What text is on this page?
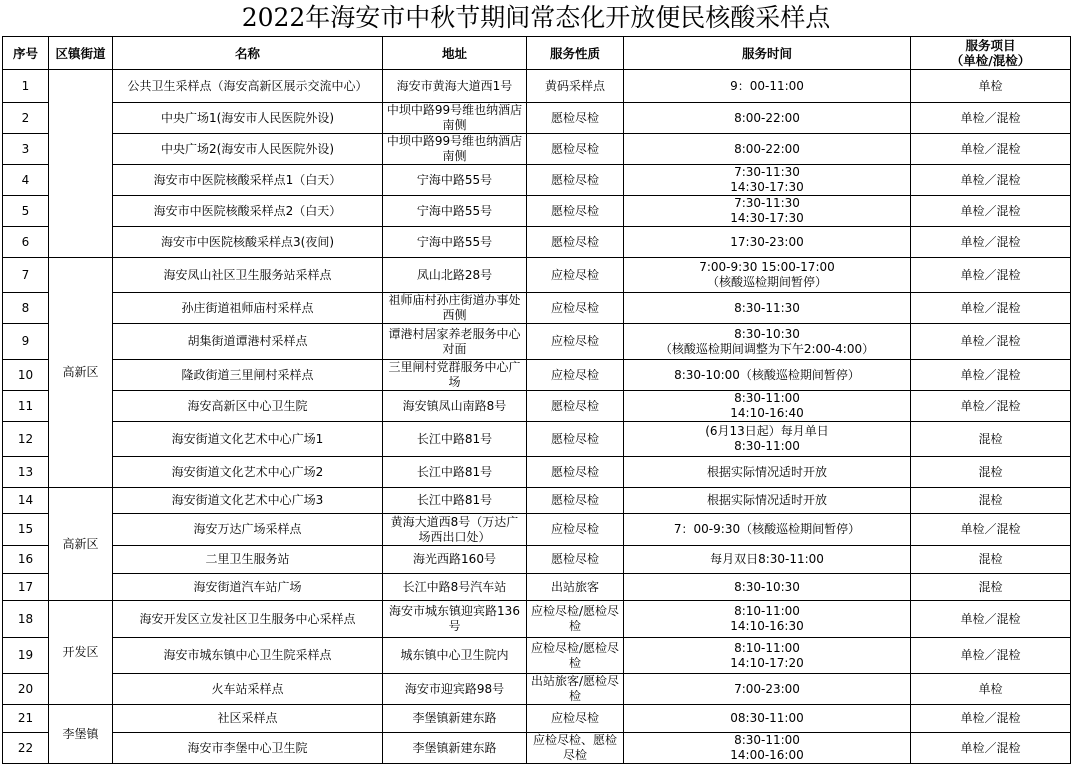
2022年海安市中秋节期间常态化开放便民核酸采样点
序号	区镇街道	名称	地址	服务性质	服务时间	服务项目
（单检/混检）
1		公共卫生采样点（海安高新区展示交流中心）	海安市黄海大道西1号	黄码采样点	9：00-11:00	单检
2		中央广场1(海安市人民医院外设)	中坝中路99号维也纳酒店
南侧	愿检尽检	8:00-22:00	单检／混检
3		中央广场2(海安市人民医院外设)	中坝中路99号维也纳酒店
南侧	愿检尽检	8:00-22:00	单检／混检
4		海安市中医院核酸采样点1（白天）	宁海中路55号	愿检尽检	7:30-11:30
14:30-17:30	单检／混检
5		海安市中医院核酸采样点2（白天）	宁海中路55号	愿检尽检	7:30-11:30
14:30-17:30	单检／混检
6		海安市中医院核酸采样点3(夜间)	宁海中路55号	愿检尽检	17:30-23:00	单检／混检
7	高新区	海安凤山社区卫生服务站采样点	凤山北路28号	应检尽检	7:00-9:30 15:00-17:00
（核酸巡检期间暂停）	单检／混检
8		孙庄街道祖师庙村采样点	祖师庙村孙庄街道办事处
西侧	应检尽检	8:30-11:30	单检／混检
9		胡集街道谭港村采样点	谭港村居家养老服务中心
对面	应检尽检	8:30-10:30
（核酸巡检期间调整为下午2:00-4:00）	单检／混检
10		隆政街道三里闸村采样点	三里闸村党群服务中心广
场	应检尽检	8:30-10:00（核酸巡检期间暂停）	单检／混检
11		海安高新区中心卫生院	海安镇凤山南路8号	愿检尽检	8:30-11:00
14:10-16:40	单检／混检
12		海安街道文化艺术中心广场1	长江中路81号	愿检尽检	(6月13日起）每月单日
8:30-11:00	混检
13		海安街道文化艺术中心广场2	长江中路81号	愿检尽检	根据实际情况适时开放	混检
14	高新区	海安街道文化艺术中心广场3	长江中路81号	愿检尽检	根据实际情况适时开放	混检
15		海安万达广场采样点	黄海大道西8号（万达广
场西出口处）	应检尽检	7：00-9:30（核酸巡检期间暂停）	单检／混检
16		二里卫生服务站	海光西路160号	愿检尽检	每月双日8:30-11:00	混检
17		海安街道汽车站广场	长江中路8号汽车站	出站旅客	8:30-10:30	混检
18	开发区	海安开发区立发社区卫生服务中心采样点	海安市城东镇迎宾路136
号	应检尽检/愿检尽检	8:10-11:00
14:10-16:30	单检／混检
19		海安市城东镇中心卫生院采样点	城东镇中心卫生院内	应检尽检/愿检尽检	8:10-11:00
14:10-17:20	单检／混检
20		火车站采样点	海安市迎宾路98号	出站旅客/愿检尽检	7:00-23:00	单检
21	李堡镇	社区采样点	李堡镇新建东路	应检尽检	08:30-11:00	单检／混检
22		海安市李堡中心卫生院	李堡镇新建东路	应检尽检、愿检尽检	8:30-11:00
14:00-16:00	单检／混检
